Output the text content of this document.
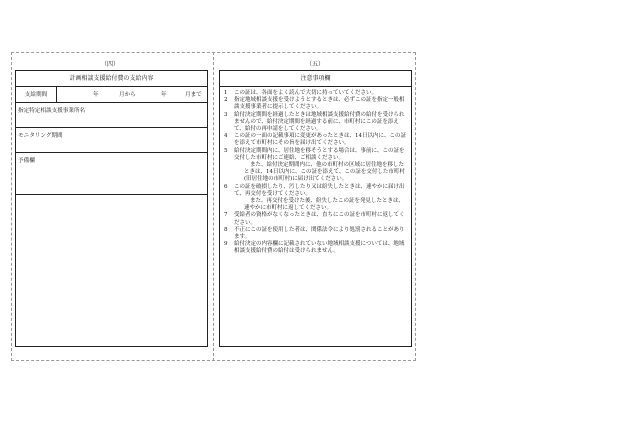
（四）	（五）
計画相談支援給付費の支給内容
支給期間	年	月から	年	月まで
指定特定相談支援事業所名
モニタリング期間
予備欄
注意事項欄
1	この証は、各面をよく読んで大切に持っていてください。
2	指定地域相談支援を受けようとするときは、必ずこの証を指定一般相談支援事業者に提示してください。
3	給付決定期間を経過したときは地域相談支援給付費の給付を受けられませんので、給付決定期間を経過する前に、市町村にこの証を添えて、給付の再申請をしてください。
4	この証の一面の記載事項に変更があったときは、14日以内に、この証を添えて市町村にその旨を届け出てください。
5	給付決定期間内に、居住地を移そうとする場合は、事前に、この証を交付した市町村にご連絡、ご相談ください。
また、給付決定期間内に、他の市町村の区域に居住地を移したときは、14日以内に、この証を添えて、この証を交付した市町村(旧居住地の市町村)に届け出てください。
6	この証を破損したり、汚したり又は紛失したときは、速やかに届け出て、再交付を受けてください。
また、再交付を受けた後、紛失したこの証を発見したときは、速やかに市町村に返してください。
7	受給者の資格がなくなったときは、直ちにこの証を市町村に返してください。
8	不正にこの証を使用した者は、関係法令により処罰されることがあります。
9	給付決定の内容欄に記載されていない地域相談支援については、地域相談支援給付費の給付は受けられません。
